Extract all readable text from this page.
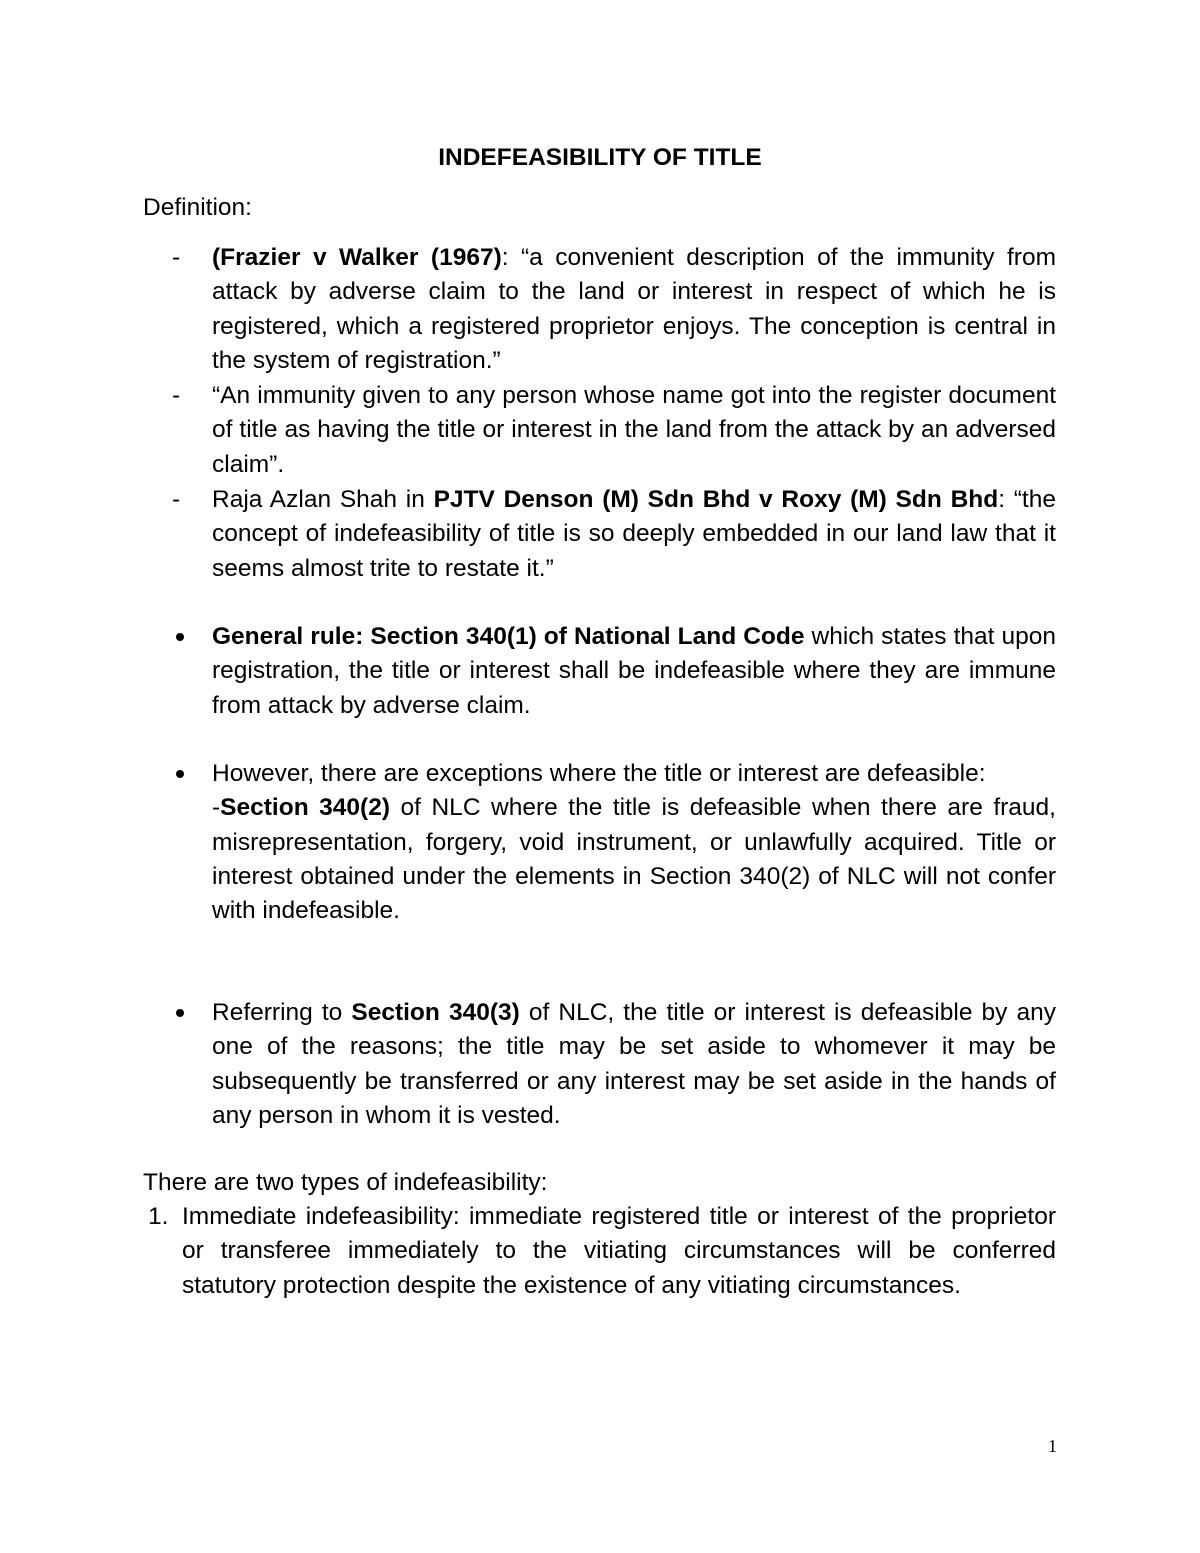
INDEFEASIBILITY OF TITLE
Definition:
- (Frazier v Walker (1967): “a convenient description of the immunity from attack by adverse claim to the land or interest in respect of which he is registered, which a registered proprietor enjoys. The conception is central in the system of registration.”

- “An immunity given to any person whose name got into the register document of title as having the title or interest in the land from the attack by an adversed claim”.

- Raja Azlan Shah in PJTV Denson (M) Sdn Bhd v Roxy (M) Sdn Bhd: “the concept of indefeasibility of title is so deeply embedded in our land law that it seems almost trite to restate it.”

General rule: Section 340(1) of National Land Code which states that upon registration, the title or interest shall be indefeasible where they are immune from attack by adverse claim.

However, there are exceptions where the title or interest are defeasible:

-Section 340(2) of NLC where the title is defeasible when there are fraud, misrepresentation, forgery, void instrument, or unlawfully acquired. Title or interest obtained under the elements in Section 340(2) of NLC will not confer with indefeasible.

Referring to Section 340(3) of NLC, the title or interest is defeasible by any one of the reasons; the title may be set aside to whomever it may be subsequently be transferred or any interest may be set aside in the hands of any person in whom it is vested.

There are two types of indefeasibility:
1. Immediate indefeasibility: immediate registered title or interest of the proprietor or transferee immediately to the vitiating circumstances will be conferred statutory protection despite the existence of any vitiating circumstances.

1
